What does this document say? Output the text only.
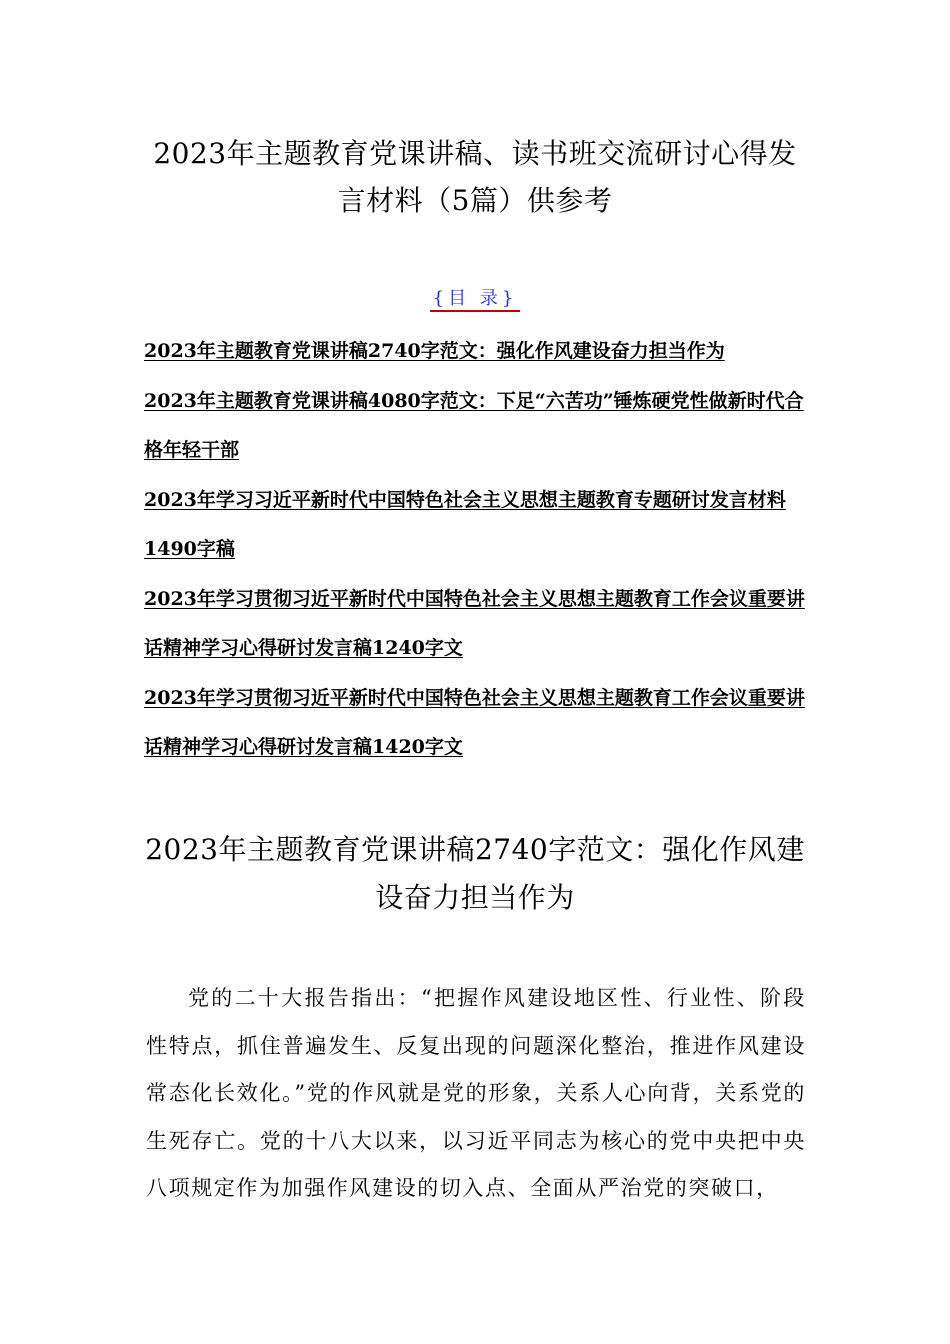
2023年主题教育党课讲稿、读书班交流研讨心得发
言材料（5篇）供参考

{目 录}

2023年主题教育党课讲稿2740字范文：强化作风建设奋力担当作为
2023年主题教育党课讲稿4080字范文：下足“六苦功”锤炼硬党性做新时代合格年轻干部
2023年学习习近平新时代中国特色社会主义思想主题教育专题研讨发言材料1490字稿
2023年学习贯彻习近平新时代中国特色社会主义思想主题教育工作会议重要讲话精神学习心得研讨发言稿1240字文
2023年学习贯彻习近平新时代中国特色社会主义思想主题教育工作会议重要讲话精神学习心得研讨发言稿1420字文
2023年主题教育党课讲稿2740字范文：强化作风建
设奋力担当作为

党的二十大报告指出：“把握作风建设地区性、行业性、阶段性特点，抓住普遍发生、反复出现的问题深化整治，推进作风建设常态化长效化。”党的作风就是党的形象，关系人心向背，关系党的生死存亡。党的十八大以来，以习近平同志为核心的党中央把中央八项规定作为加强作风建设的切入点、全面从严治党的突破口，
